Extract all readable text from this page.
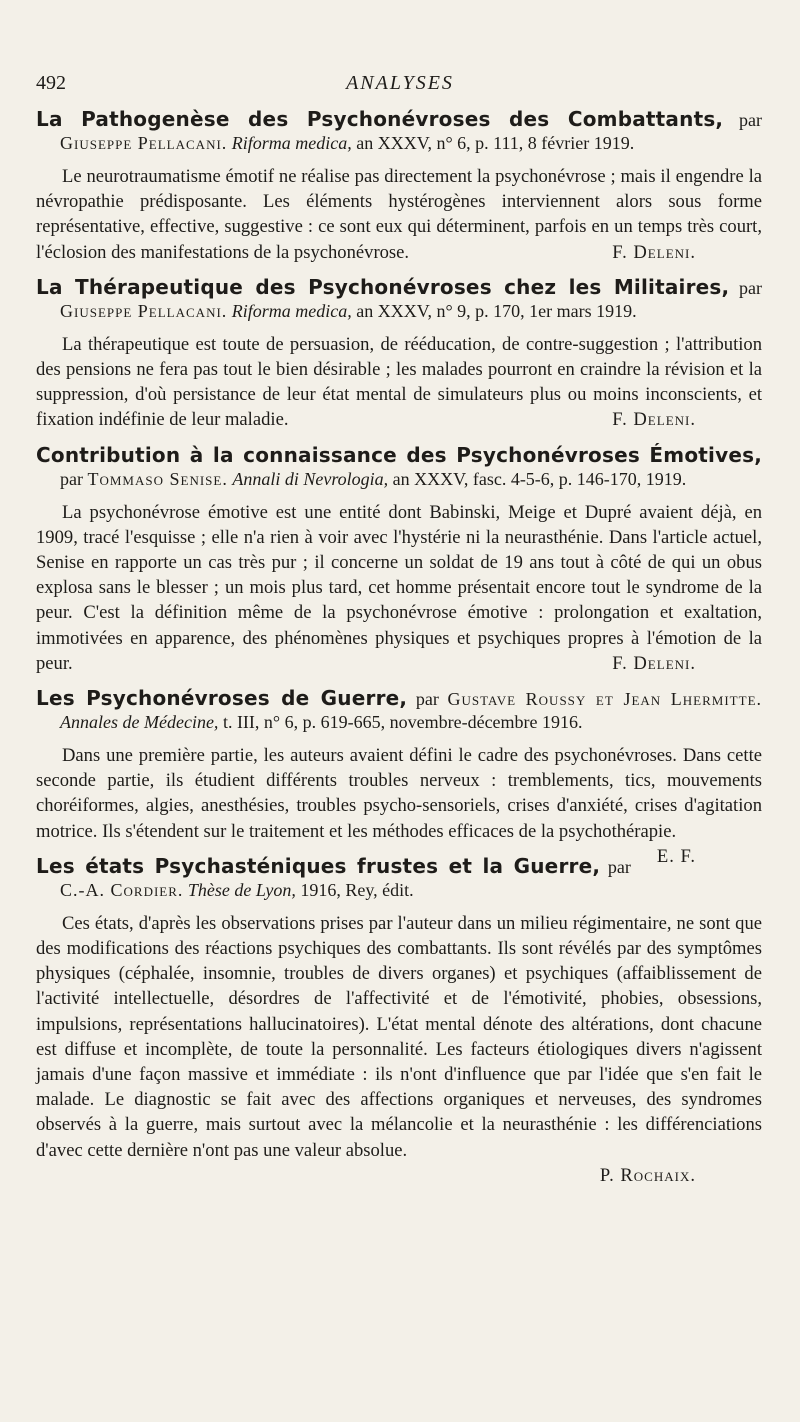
492	ANALYSES

La Pathogenèse des Psychonévroses des Combattants, par Giuseppe Pellacani. Riforma medica, an XXXV, n° 6, p. 111, 8 février 1919.

Le neurotraumatisme émotif ne réalise pas directement la psychonévrose ; mais il engendre la névropathie prédisposante. Les éléments hystérogènes interviennent alors sous forme représentative, effective, suggestive : ce sont eux qui déterminent, parfois en un temps très court, l'éclosion des manifestations de la psychonévrose.	F. Deleni.

La Thérapeutique des Psychonévroses chez les Militaires, par Giuseppe Pellacani. Riforma medica, an XXXV, n° 9, p. 170, 1er mars 1919.

La thérapeutique est toute de persuasion, de rééducation, de contre-suggestion ; l'attribution des pensions ne fera pas tout le bien désirable ; les malades pourront en craindre la révision et la suppression, d'où persistance de leur état mental de simulateurs plus ou moins inconscients, et fixation indéfinie de leur maladie.	F. Deleni.

Contribution à la connaissance des Psychonévroses Émotives, par Tommaso Senise. Annali di Nevrologia, an XXXV, fasc. 4-5-6, p. 146-170, 1919.

La psychonévrose émotive est une entité dont Babinski, Meige et Dupré avaient déjà, en 1909, tracé l'esquisse ; elle n'a rien à voir avec l'hystérie ni la neurasthénie. Dans l'article actuel, Senise en rapporte un cas très pur ; il concerne un soldat de 19 ans tout à côté de qui un obus explosa sans le blesser ; un mois plus tard, cet homme présentait encore tout le syndrome de la peur. C'est la définition même de la psychonévrose émotive : prolongation et exaltation, immotivées en apparence, des phénomènes physiques et psychiques propres à l'émotion de la peur.	F. Deleni.

Les Psychonévroses de Guerre, par Gustave Roussy et Jean Lhermitte. Annales de Médecine, t. III, n° 6, p. 619-665, novembre-décembre 1916.

Dans une première partie, les auteurs avaient défini le cadre des psychonévroses. Dans cette seconde partie, ils étudient différents troubles nerveux : tremblements, tics, mouvements choréiformes, algies, anesthésies, troubles psycho-sensoriels, crises d'anxiété, crises d'agitation motrice. Ils s'étendent sur le traitement et les méthodes efficaces de la psychothérapie.
E. F.

Les états Psychasténiques frustes et la Guerre, par C.-A. Cordier. Thèse de Lyon, 1916, Rey, édit.

Ces états, d'après les observations prises par l'auteur dans un milieu régimentaire, ne sont que des modifications des réactions psychiques des combattants. Ils sont révélés par des symptômes physiques (céphalée, insomnie, troubles de divers organes) et psychiques (affaiblissement de l'activité intellectuelle, désordres de l'affectivité et de l'émotivité, phobies, obsessions, impulsions, représentations hallucinatoires). L'état mental dénote des altérations, dont chacune est diffuse et incomplète, de toute la personnalité. Les facteurs étiologiques divers n'agissent jamais d'une façon massive et immédiate : ils n'ont d'influence que par l'idée que s'en fait le malade. Le diagnostic se fait avec des affections organiques et nerveuses, des syndromes observés à la guerre, mais surtout avec la mélancolie et la neurasthénie : les différenciations d'avec cette dernière n'ont pas une valeur absolue.

P. Rochaix.
